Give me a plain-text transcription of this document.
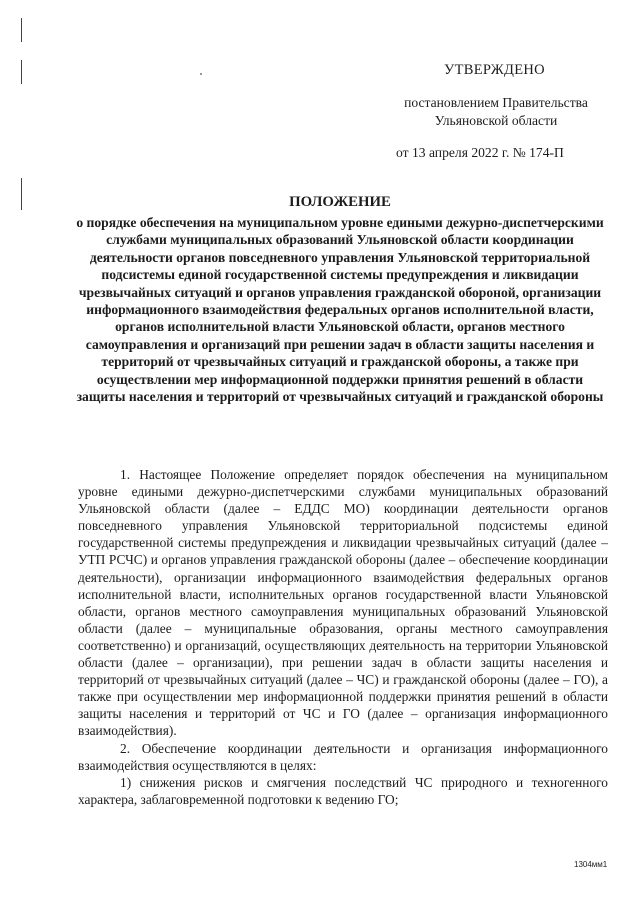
УТВЕРЖДЕНО
постановлением Правительства
Ульяновской области
от 13 апреля 2022 г. № 174-П
ПОЛОЖЕНИЕ
о порядке обеспечения на муниципальном уровне едиными дежурно-диспетчерскими службами муниципальных образований Ульяновской области координации деятельности органов повседневного управления Ульяновской территориальной подсистемы единой государственной системы предупреждения и ликвидации чрезвычайных ситуаций и органов управления гражданской обороной, организации информационного взаимодействия федеральных органов исполнительной власти, органов исполнительной власти Ульяновской области, органов местного самоуправления и организаций при решении задач в области защиты населения и территорий от чрезвычайных ситуаций и гражданской обороны, а также при осуществлении мер информационной поддержки принятия решений в области защиты населения и территорий от чрезвычайных ситуаций и гражданской обороны

1. Настоящее Положение определяет порядок обеспечения на муниципальном уровне едиными дежурно-диспетчерскими службами муниципальных образований Ульяновской области (далее – ЕДДС МО) координации деятельности органов повседневного управления Ульяновской территориальной подсистемы единой государственной системы предупреждения и ликвидации чрезвычайных ситуаций (далее – УТП РСЧС) и органов управления гражданской обороны (далее – обеспечение координации деятельности), организации информационного взаимодействия федеральных органов исполнительной власти, исполнительных органов государственной власти Ульяновской области, органов местного самоуправления муниципальных образований Ульяновской области (далее – муниципальные образования, органы местного самоуправления соответственно) и организаций, осуществляющих деятельность на территории Ульяновской области (далее – организации), при решении задач в области защиты населения и территорий от чрезвычайных ситуаций (далее – ЧС) и гражданской обороны (далее – ГО), а также при осуществлении мер информационной поддержки принятия решений в области защиты населения и территорий от ЧС и ГО (далее – организация информационного взаимодействия).

2. Обеспечение координации деятельности и организация информационного взаимодействия осуществляются в целях:

1) снижения рисков и смягчения последствий ЧС природного и техногенного характера, заблаговременной подготовки к ведению ГО;

1304мм1
